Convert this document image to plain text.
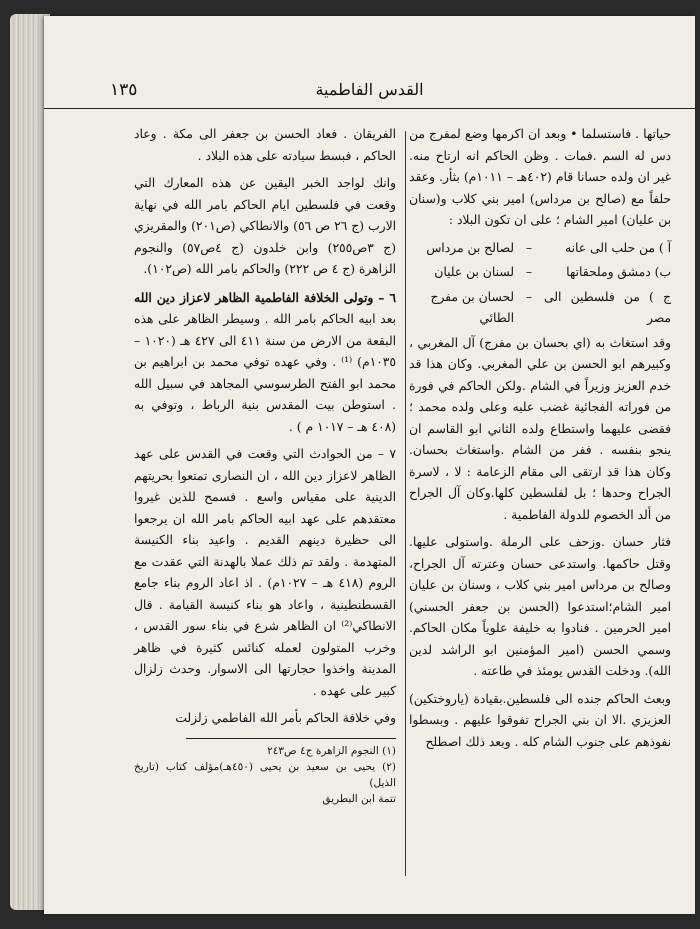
١٣٥	القدس الفاطمية

حياتها . فاستسلما • وبعد ان اكرمها وضع لمفرج من دس له السم .فمات . وظن الحاكم انه ارتاح منه. غير ان ولده حسانا قام (٤٠٢هـ – ١٠١١م) بثأر. وعقد حلفاً مع (صالح بن مرداس) امير بني كلاب و(سنان بن عليان) امير الشام ؛ على ان تكون البلاد :

آ ) من حلب الى عانه
–
لصالح بن مرداس
ب) دمشق وملحقاتها
–
لسنان بن عليان
ج ) من فلسطين الى مصر
–
لحسان بن مفرج الطائي

وقد استغاث به (اي بحسان بن مفرج) آل المغربي ، وكبيرهم ابو الحسن بن علي المغربي. وكان هذا قد خدم العزيز وزيراً في الشام .ولكن الحاكم في فورة من فوراته الفجائية غضب عليه وعلى ولده محمد ؛ فقضى عليهما واستطاع ولده الثاني ابو القاسم ان ينجو بنفسه . ففر من الشام .واستغاث بحسان. وكان هذا قد ارتقى الى مقام الزعامة : لا ، لاسرة الجراح وحدها ؛ بل لفلسطين كلها.وكان آل الجراح من ألد الخصوم للدولة الفاطمية .

فثار حسان .وزحف على الرملة .واستولى عليها. وقتل حاكمها. واستدعى حسان وعترته آل الجراح، وصالح بن مرداس امير بني كلاب ، وسنان بن عليان امير الشام؛استدعوا (الحسن بن جعفر الحسني) امير الحرمين . فنادوا به خليفة علوياً مكان الحاكم. وسمي الحسن (امير المؤمنين ابو الراشد لدين الله). ودخلت القدس يومئذ في طاعته .

وبعث الحاكم جنده الى فلسطين.بقيادة (ياروختكين) العزيزي .الا ان بني الجراح تفوقوا عليهم . وبسطوا نفوذهم على جنوب الشام كله . وبعد ذلك اصطلح

الفريقان . فعاد الحسن بن جعفر الى مكة . وعاد الحاكم ، فبسط سيادته على هذه البلاد .

وانك لواجد الخبر اليقين عن هذه المعارك التي وقعت في فلسطين ايام الحاكم بامر الله في نهاية الارب (ج ٢٦ ص ٥٦) والانطاكي (ص٢٠١) والمقريزي (ج ٣ص٢٥٥) وابن خلدون (ج ٤ص٥٧) والنجوم الزاهرة (ج ٤ ص ٢٢٢) والحاكم بامر الله (ص١٠٢).

٦ – وتولى الخلافة الفاطمية الظاهر لاعزاز دين الله بعد ابيه الحاكم بامر الله . وسيطر الظاهر على هذه البقعة من الارض من سنة ٤١١ الى ٤٢٧ هـ (١٠٢٠ – ١٠٣٥م) ⁽¹⁾ . وفي عهده توفي محمد بن ابراهيم بن محمد ابو الفتح الطرسوسي المجاهد في سبيل الله . استوطن بيت المقدس بنية الرباط ، وتوفي به (٤٠٨ هـ – ١٠١٧ م ) .

٧ – من الحوادث التي وقعت في القدس على عهد الظاهر لاعزاز دين الله ، ان النصارى تمتعوا بحريتهم الدينية على مقياس واسع . فسمح للذين غيروا معتقدهم على عهد ابيه الحاكم بامر الله ان يرجعوا الى حظيرة دينهم القديم . واعيد بناء الكنيسة المتهدمة . ولقد تم ذلك عملا بالهدنة التي عقدت مع الروم (٤١٨ هـ – ١٠٢٧م) . اذ اعاد الروم بناء جامع القسطنطينية ، واعاد هو بناء كنيسة القيامة . قال الانطاكي⁽²⁾ ان الظاهر شرع في بناء سور القدس ، وخرب المتولون لعمله كنائس كثيرة في ظاهر المدينة واخذوا حجارتها الى الاسوار. وحدث زلزال كبير على عهده .

وفي خلافة الحاكم بأمر الله الفاطمي زلزلت

(١) النجوم الزاهرة ج٤ ص٢٤٣

(٢) يحيى بن سعيد بن يحيى (٤٥٠هـ)مؤلف كتاب (تاريخ الذيل)

تتمة ابن البطريق
